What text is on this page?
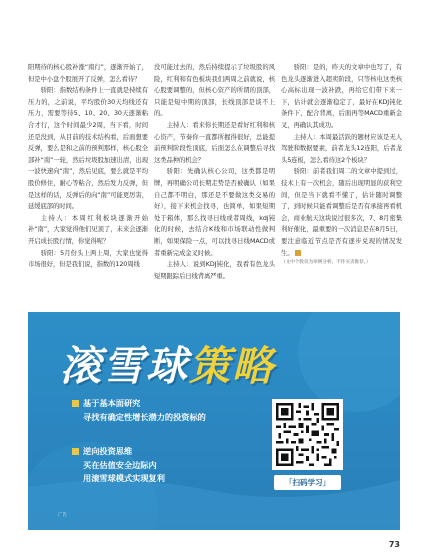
阳期待的核心股补涨“南行”，逐渐开始了，但是中小盘个股展开了反弹，怎么看待？

骄阳：指数结构条件上一直就是持续有压力的，之前说，平均股价30天均线还有压力，需要等待5、10、20、30天逐渐粘合才行，这个时间最少2周，当下看，时间还是没到，从目前的技术结构看，后面想要反弹，要么是和之前的预判那样，核心股全部补“南”一轮，然后垃圾股加速出清，出现一波快速向“南”，然后见底，要么就是平均股价修住，耐心等粘合，然后发力反弹，但是这样的话，反弹后的向“南”可能更厉害，延缓底部的时间。

主持人：本周红利板块逐渐开始补“南”，大家觉得他们见顶了，未来会逐渐开启成长股行情，你觉得呢？

骄阳：5月份头上两上周，大家也觉得市场很好，但是我们说，指数的120周线

没可能过去的，然后持续提示了垃圾股的风险，红利和有色板块我们两周之前就说，核心股要调整的，但核心资产的所谓的顶部，只能是短中期的顶部，长线顶部是谈不上的。

主持人：看来你长期还是看好红利和核心资产，节奏你一直都所握得很好，总能提前预判阶段性顶底，后面怎么在调整后寻找这类品种的机会？

骄阳：先确认核心公司，这类都是明牌，再明确公司长期走势是否被确认（如果自己都不明白，那还是不要做这类交易的好），接下来机会找寻，也简单，如果短期处于箱体，那么找寻日线或者周线，kdj钝化的时候，去结合K线和市场联动性做判断，如果保险一点，可以找寻日线MACD或者重新完成金叉时候。

主持人：说到KDJ钝化，我看有色龙头短期跟踪后日线背离严重。

骄阳：是的，昨天的文章中也写了，有色龙头逐渐进入超卖阶段，只等核电这类核心高标出现一波补跌，再给它们带下来一下，估计就会逐渐稳定了，最好在KDJ钝化条件下，配合背离，后面再等MACD重新金叉，再确认其成功。

主持人：本周最活跃的题材应该是无人驾驶和数据要素，前者龙头12连阳，后者龙头5连板，怎么看待这2个板块？

骄阳：前者我们周二的文章中提到过，技术上有一次机会，随后出现明显的获利空间，但是当下就看不懂了，估计随时调整了，到时候只能看调整后是否有承接再看机会，商业航天这块说过很多次，7、8月密集利好催化，最重要的一次消息是在8月5日，要注意临近节点是否有逐步兑现的情况发生。

（文中个股仅为举例分析，不作买卖推荐。）

滚雪球策略
基于基本面研究
寻找有确定性增长潜力的投资标的
逆向投资思维
买在估值安全边际内
用滚雪球模式实现复利
广告
「扫码学习」
73
